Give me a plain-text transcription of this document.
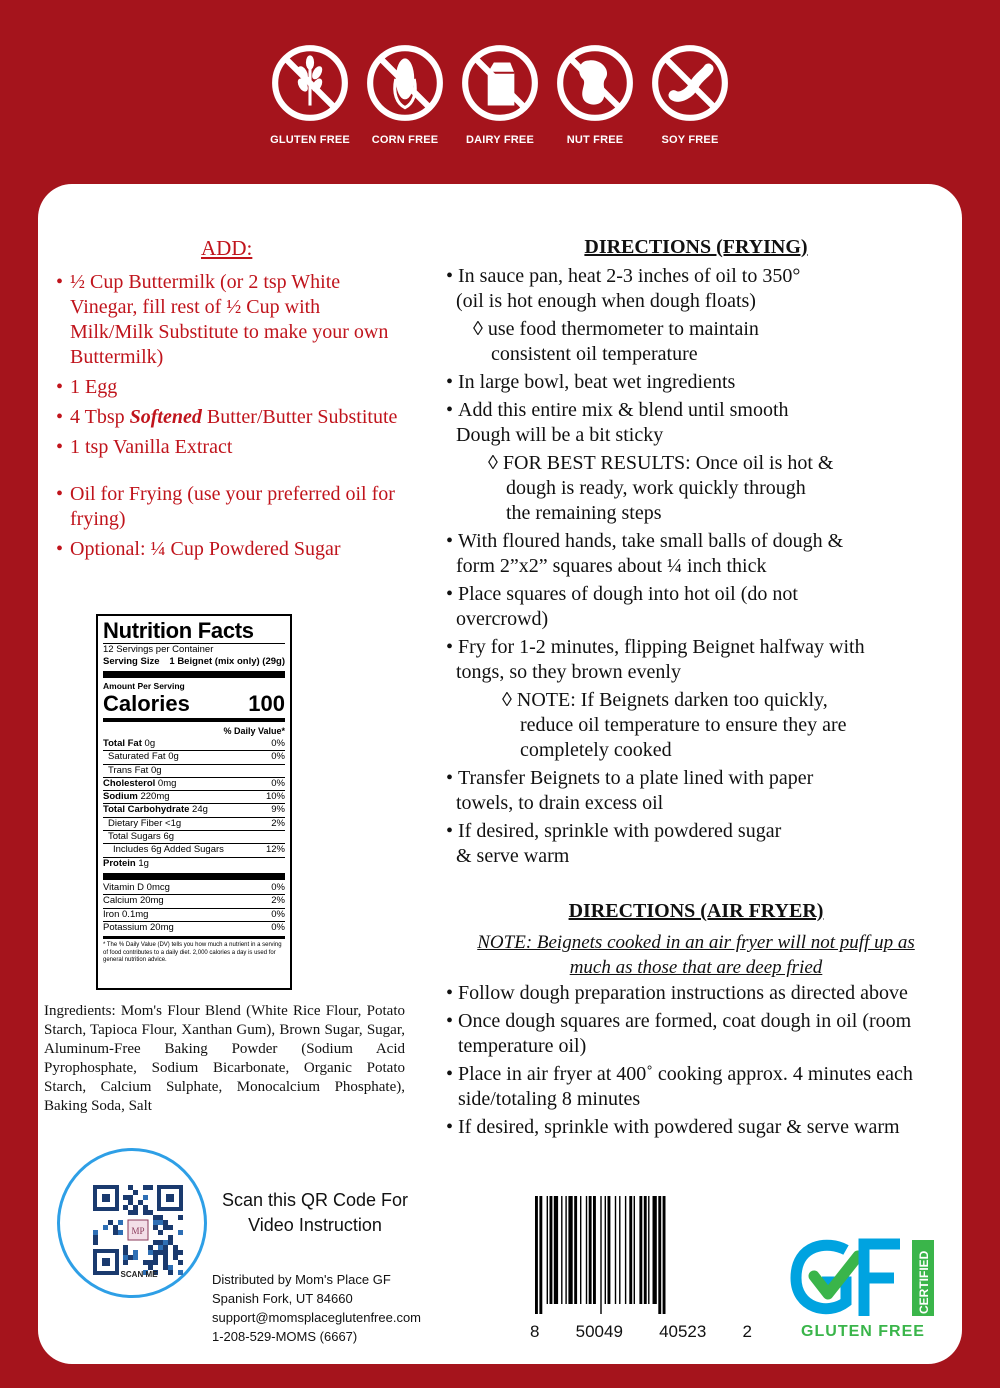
GLUTEN FREE CORN FREE	DAIRY FREE	NUT FREE	SOY FREE
ADD:
• ½ Cup Buttermilk (or 2 tsp White Vinegar, fill rest of ½ Cup with Milk/Milk Substitute to make your own Buttermilk)
• 1 Egg
• 4 Tbsp Softened Butter/Butter Substitute
• 1 tsp Vanilla Extract
• Oil for Frying (use your preferred oil for frying)
• Optional: ¼ Cup Powdered Sugar
Nutrition Facts
12 Servings per Container
Serving Size 1 Beignet (mix only) (29g)
Amount Per Serving
Calories	100
% Daily Value*
Total Fat 0g	0%
Saturated Fat 0g	0%
Trans Fat 0g
Cholesterol 0mg	0%
Sodium 220mg	10%
Total Carbohydrate 24g	9%
Dietary Fiber <1g	2%
Total Sugars 6g
Includes 6g Added Sugars	12%
Protein 1g
Vitamin D 0mcg	0%
Calcium 20mg	2%
Iron 0.1mg	0%
Potassium 20mg	0%
* The % Daily Value (DV) tells you how much a nutrient in a serving of food contributes to a daily diet. 2,000 calories a day is used for general nutrition advice.

Ingredients: Mom's Flour Blend (White Rice Flour, Potato Starch, Tapioca Flour, Xanthan Gum), Brown Sugar, Sugar, Aluminum-Free Baking Powder (Sodium Acid Pyrophosphate, Sodium Bicarbonate, Organic Potato Starch, Calcium Sulphate, Monocalcium Phosphate), Baking Soda, Salt

MP
SCAN ME
Scan this QR Code For
Video Instruction
Distributed by Mom's Place GF
Spanish Fork, UT 84660
support@momsplaceglutenfree.com
1-208-529-MOMS (6667)
DIRECTIONS (FRYING)
• In sauce pan, heat 2-3 inches of oil to 350°
(oil is hot enough when dough floats)
◊ use food thermometer to maintain
consistent oil temperature
• In large bowl, beat wet ingredients
• Add this entire mix & blend until smooth
Dough will be a bit sticky
◊ FOR BEST RESULTS: Once oil is hot &
dough is ready, work quickly through
the remaining steps
• With floured hands, take small balls of dough &
form 2”x2” squares about ¼ inch thick
• Place squares of dough into hot oil (do not
overcrowd)
• Fry for 1-2 minutes, flipping Beignet halfway with
tongs, so they brown evenly
◊ NOTE: If Beignets darken too quickly,
reduce oil temperature to ensure they are
completely cooked
• Transfer Beignets to a plate lined with paper
towels, to drain excess oil
• If desired, sprinkle with powdered sugar
& serve warm
DIRECTIONS (AIR FRYER)
NOTE: Beignets cooked in an air fryer will not puff up as
much as those that are deep fried
• Follow dough preparation instructions as directed above
• Once dough squares are formed, coat dough in oil (room temperature oil)
• Place in air fryer at 400˚ cooking approx. 4 minutes each side/totaling 8 minutes
• If desired, sprinkle with powdered sugar & serve warm
8 50049 40523 2
CERTIFIED
GLUTEN FREE
